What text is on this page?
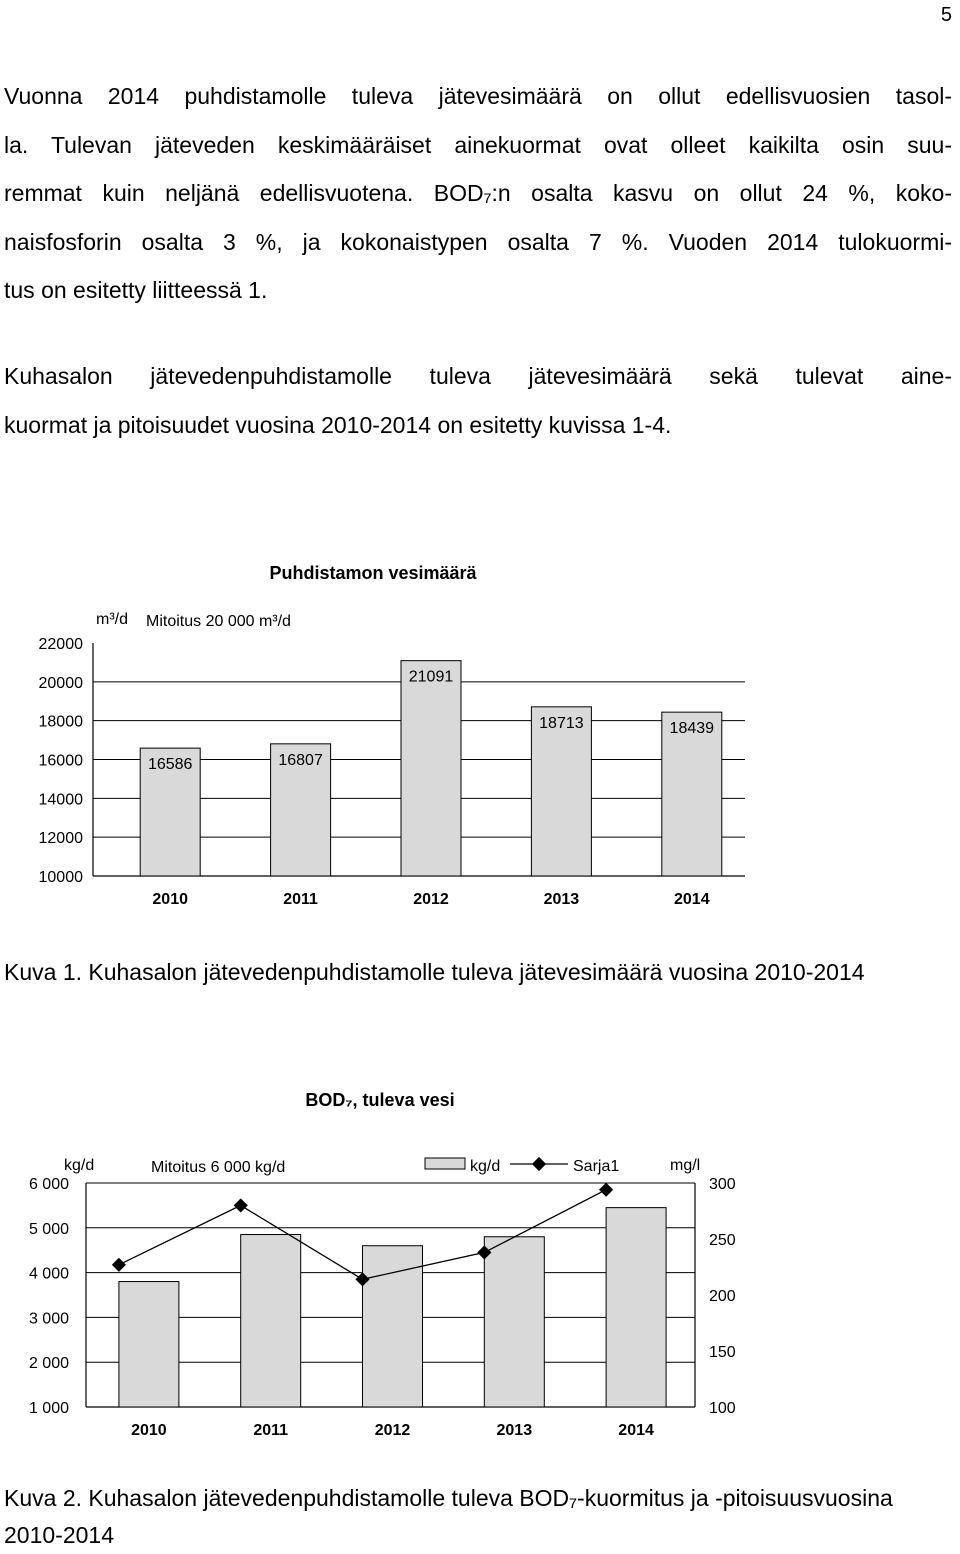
5

Vuonna 2014 puhdistamolle tuleva jätevesimäärä on ollut edellisvuosien tasol-
la. Tulevan jäteveden keskimääräiset ainekuormat ovat olleet kaikilta osin suu-
remmat kuin neljänä edellisvuotena. BOD₇:n osalta kasvu on ollut 24 %, koko-
naisfosforin osalta 3 %, ja kokonaistypen osalta 7 %. Vuoden 2014 tulokuormi-
tus on esitetty liitteessä 1.

Kuhasalon jätevedenpuhdistamolle tuleva jätevesimäärä sekä tulevat aine-
kuormat ja pitoisuudet vuosina 2010-2014 on esitetty kuvissa 1-4.

Puhdistamon vesimäärä
m³/d Mitoitus 20 000 m³/d
10000
12000
14000
16000
18000
20000
22000
16586
2010
16807
2011
21091
2012
18713
2013
18439
2014

Kuva 1. Kuhasalon jätevedenpuhdistamolle tuleva jätevesimäärä vuosina 2010-2014

BOD₇, tuleva vesi
kg/d	Mitoitus 6 000 kg/d	mg/l
kg/d	Sarja1
1 000
2 000
3 000
4 000
5 000
6 000
100
150
200
250
300
2010	2011	2012	2013	2014

Kuva 2. Kuhasalon jätevedenpuhdistamolle tuleva BOD₇-kuormitus ja -pitoisuusvuosina 2010-2014
